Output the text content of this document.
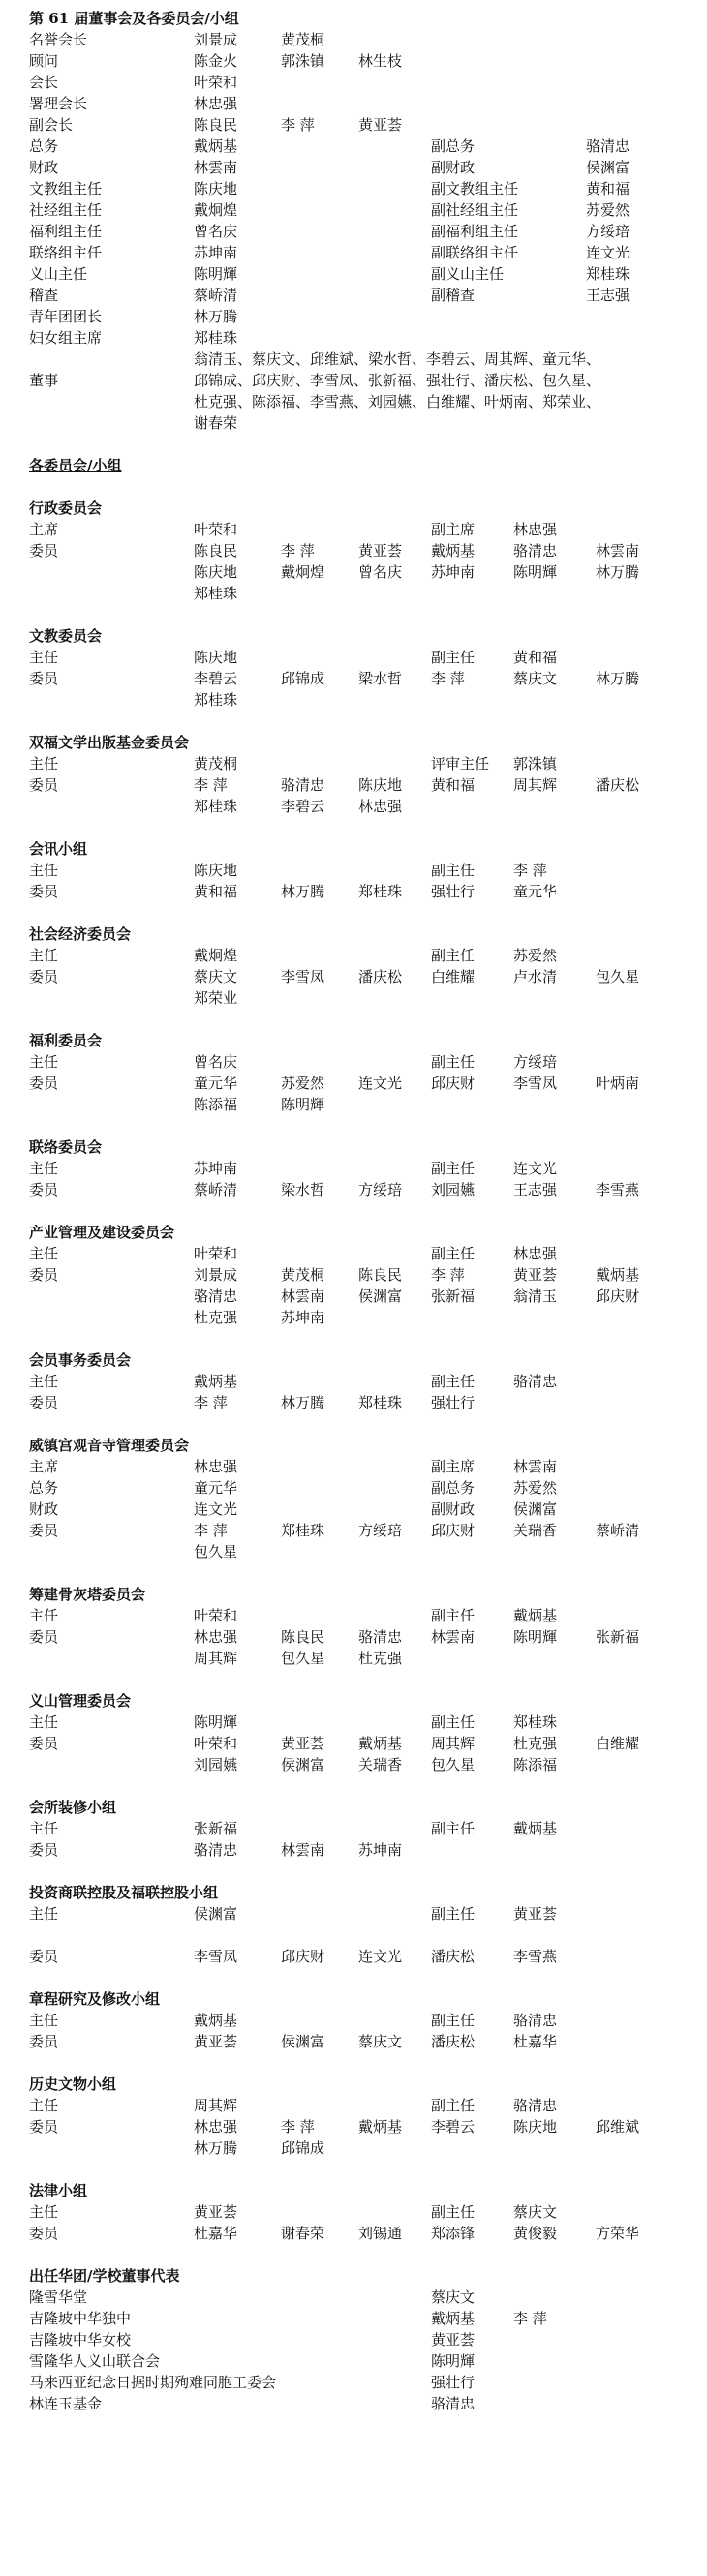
第 61 届董事会及各委员会/小组
名誉会长	刘景成	黄茂桐
顾问	陈金火	郭洙镇 林生枝
会长	叶荣和
署理会长	林忠强
副会长	陈良民	李 萍	黄亚荟
总务	戴炳基	副总务	骆清忠
财政	林雲南	副财政	侯渊富
文教组主任	陈庆地	副文教组主任	黄和福
社经组主任	戴炯煌	副社经组主任	苏爱然
福利组主任	曾名庆	副福利组主任	方绥琣
联络组主任	苏坤南	副联络组主任	连文光
义山主任	陈明輝	副义山主任	郑桂珠
稽查	蔡峤清	副稽查	王志强
青年团团长	林万腾
妇女组主席	郑桂珠
董事
翁清玉、蔡庆文、邱维斌、梁水哲、李碧云、周其辉、童元华、
邱锦成、邱庆财、李雪凤、张新福、强壮行、潘庆松、包久星、
杜克强、陈添福、李雪燕、刘园嬿、白维耀、叶炳南、郑荣业、
谢春荣
各委员会/小组
行政委员会
主席	叶荣和	副主席	林忠强
委员	陈良民	李 萍	黄亚荟 戴炳基	骆清忠	林雲南
陈庆地	戴炯煌 曾名庆 苏坤南	陈明輝	林万腾
郑桂珠
文教委员会
主任	陈庆地	副主任	黄和福
委员	李碧云	邱锦成 梁水哲 李 萍	蔡庆文	林万腾
郑桂珠
双福文学出版基金委员会
主任	黄茂桐	评审主任 郭洙镇
委员	李 萍	骆清忠 陈庆地 黄和福	周其辉	潘庆松
郑桂珠	李碧云 林忠强
会讯小组
主任	陈庆地	副主任	李 萍
委员	黄和福	林万腾 郑桂珠 强壮行	童元华
社会经济委员会
主任	戴炯煌	副主任	苏爱然
委员	蔡庆文	李雪凤 潘庆松 白维耀	卢水清	包久星
郑荣业
福利委员会
主任	曾名庆	副主任	方绥琣
委员	童元华	苏爱然 连文光 邱庆财	李雪凤	叶炳南
陈添福	陈明輝
联络委员会
主任	苏坤南	副主任	连文光
委员	蔡峤清	梁水哲 方绥琣 刘园嬿	王志强	李雪燕
产业管理及建设委员会
主任	叶荣和	副主任	林忠强
委员	刘景成	黄茂桐 陈良民 李 萍	黄亚荟	戴炳基
骆清忠	林雲南 侯渊富 张新福	翁清玉	邱庆财
杜克强	苏坤南
会员事务委员会
主任	戴炳基	副主任	骆清忠
委员	李 萍	林万腾 郑桂珠 强壮行
威镇宫观音寺管理委员会
主席	林忠强	副主席	林雲南
总务	童元华	副总务	苏爱然
财政	连文光	副财政	侯渊富
委员	李 萍	郑桂珠 方绥琣 邱庆财	关瑞香	蔡峤清
包久星
筹建骨灰塔委员会
主任	叶荣和	副主任	戴炳基
委员	林忠强	陈良民 骆清忠 林雲南	陈明輝	张新福
周其辉	包久星 杜克强
义山管理委员会
主任	陈明輝	副主任	郑桂珠
委员	叶荣和	黄亚荟 戴炳基 周其辉	杜克强	白维耀
刘园嬿	侯渊富 关瑞香 包久星	陈添福
会所装修小组
主任	张新福	副主任	戴炳基
委员	骆清忠	林雲南 苏坤南
投资商联控股及福联控股小组
主任	侯渊富	副主任	黄亚荟
委员	李雪凤	邱庆财 连文光 潘庆松	李雪燕
章程研究及修改小组
主任	戴炳基	副主任	骆清忠
委员	黄亚荟	侯渊富 蔡庆文 潘庆松	杜嘉华
历史文物小组
主任	周其辉	副主任	骆清忠
委员	林忠强	李 萍	戴炳基 李碧云	陈庆地	邱维斌
林万腾	邱锦成
法律小组
主任	黄亚荟	副主任	蔡庆文
委员	杜嘉华	谢春荣 刘锡通 郑添锋	黄俊毅	方荣华
出任华团/学校董事代表
隆雪华堂	蔡庆文
吉隆坡中华独中	戴炳基	李 萍
吉隆坡中华女校	黄亚荟
雪隆华人义山联合会	陈明輝
马来西亚纪念日据时期殉难同胞工委会	强壮行
林连玉基金	骆清忠
